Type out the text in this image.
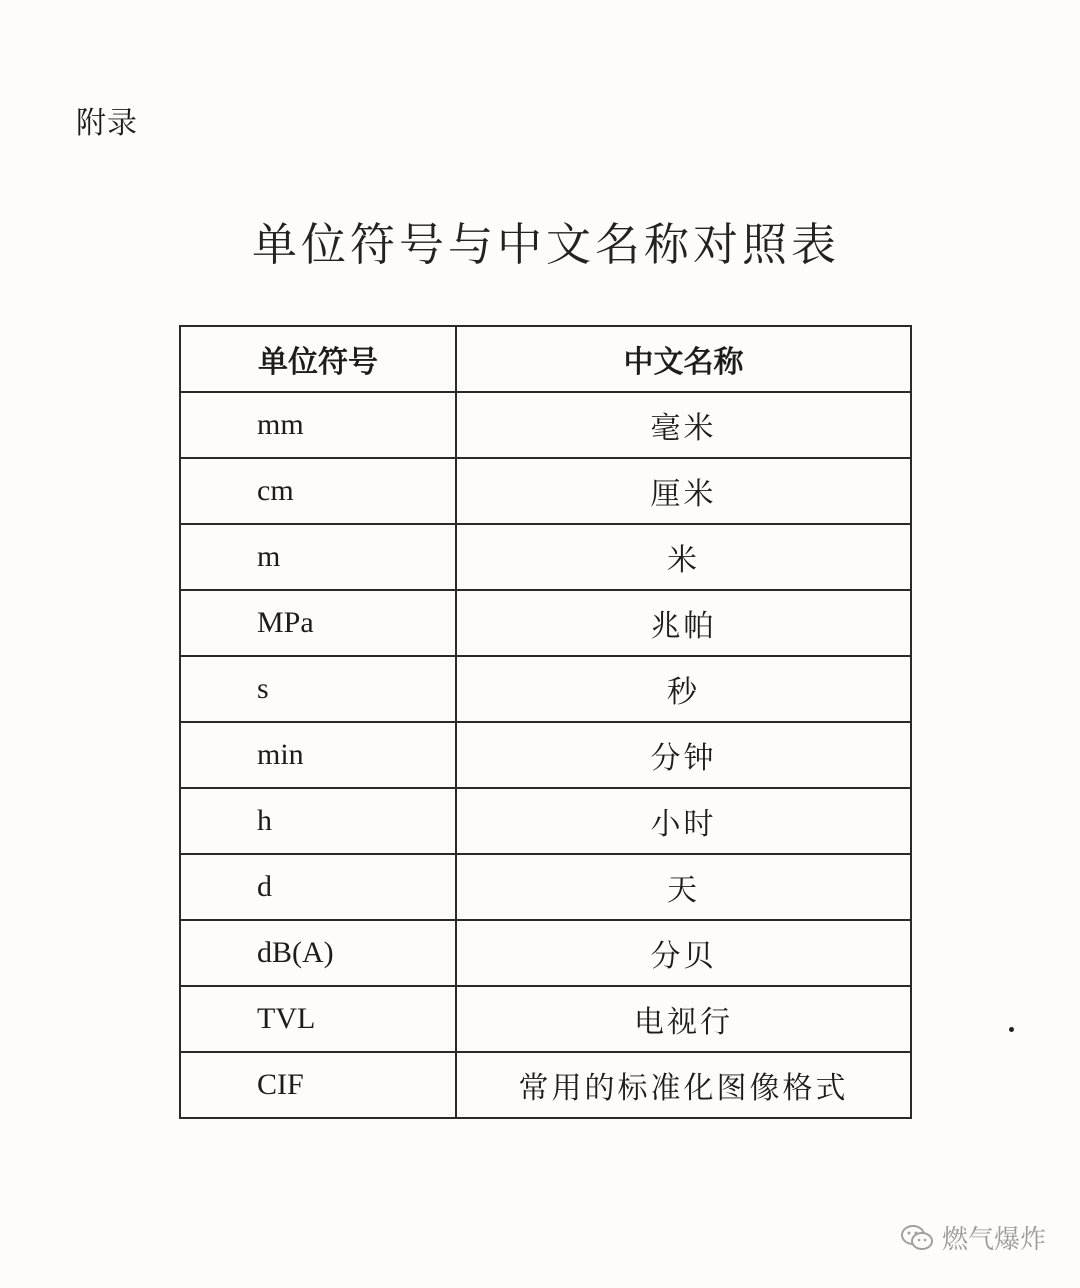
附录
单位符号与中文名称对照表
单位符号	中文名称
mm	毫米
cm	厘米
m	米
MPa	兆帕
s	秒
min	分钟
h	小时
d	天
dB(A)	分贝
TVL	电视行
CIF	常用的标准化图像格式
燃气爆炸
